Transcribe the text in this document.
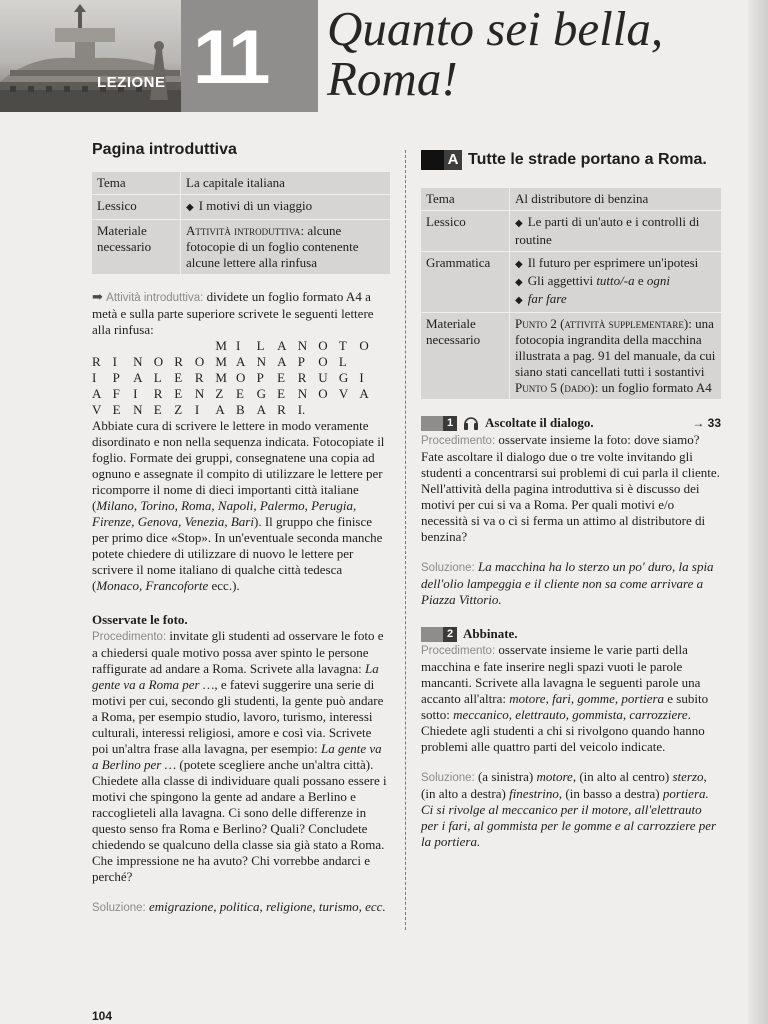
LEZIONE 11 Quanto sei bella,
Roma!
Pagina introduttiva
Tema	La capitale italiana
Lessico	◆I motivi di un viaggio
Materiale necessario	Attività introduttiva: alcune fotocopie di un foglio contenente alcune lettere alla rinfusa

➡ Attività introduttiva: dividete un foglio formato A4 a metà e sulla parte superiore scrivete le seguenti lettere alla rinfusa:

M I	L A N O T O
R I	N O R O M A N A P	O L
I	P	A L E R M O P	E R U G I
A F	I	R E N Z E G E N O V A
V E N E Z I	A B A R I.

Abbiate cura di scrivere le lettere in modo veramente disordinato e non nella sequenza indicata. Fotocopiate il foglio. Formate dei gruppi, consegnatene una copia ad ognuno e assegnate il compito di utilizzare le lettere per ricomporre il nome di dieci importanti città italiane (Milano, Torino, Roma, Napoli, Palermo, Perugia, Firenze, Genova, Venezia, Bari). Il gruppo che finisce per primo dice «Stop». In un'eventuale seconda manche potete chiedere di utilizzare di nuovo le lettere per scrivere il nome italiano di qualche città tedesca (Monaco, Francoforte ecc.).

Osservate le foto.

Procedimento: invitate gli studenti ad osservare le foto e a chiedersi quale motivo possa aver spinto le persone raffigurate ad andare a Roma. Scrivete alla lavagna: La gente va a Roma per …, e fatevi suggerire una serie di motivi per cui, secondo gli studenti, la gente può andare a Roma, per esempio studio, lavoro, turismo, interessi culturali, interessi religiosi, amore e così via. Scrivete poi un'altra frase alla lavagna, per esempio: La gente va a Berlino per … (potete scegliere anche un'altra città). Chiedete alla classe di individuare quali possano essere i motivi che spingono la gente ad andare a Berlino e raccoglieteli alla lavagna. Ci sono delle differenze in questo senso fra Roma e Berlino? Quali? Concludete chiedendo se qualcuno della classe sia già stato a Roma. Che impressione ne ha avuto? Chi vorrebbe andarci e perché?

Soluzione: emigrazione, politica, religione, turismo, ecc.

A Tutte le strade portano a Roma.
Tema	Al distributore di benzina
Lessico	◆Le parti di un'auto e i controlli di routine
Grammatica	
◆Il futuro per esprimere un'ipotesi
◆  Gli aggettivi tutto/-a e ogni
◆  far fare

Materiale necessario	Punto 2 (attività supplementare): una fotocopia ingrandita della macchina illustrata a pag. 91 del manuale, da cui siano stati cancellati tutti i sostantivi
Punto 5 (dado): un foglio formato A4
1	Ascoltate il dialogo.	→ 33

Procedimento: osservate insieme la foto: dove siamo? Fate ascoltare il dialogo due o tre volte invitando gli studenti a concentrarsi sui problemi di cui parla il cliente. Nell'attività della pagina introduttiva si è discusso dei motivi per cui si va a Roma. Per quali motivi e/o necessità si va o ci si ferma un attimo al distributore di benzina?

Soluzione: La macchina ha lo sterzo un po' duro, la spia dell'olio lampeggia e il cliente non sa come arrivare a Piazza Vittorio.

2 Abbinate.

Procedimento: osservate insieme le varie parti della macchina e fate inserire negli spazi vuoti le parole mancanti. Scrivete alla lavagna le seguenti parole una accanto all'altra: motore, fari, gomme, portiera e subito sotto: meccanico, elettrauto, gommista, carrozziere. Chiedete agli studenti a chi si rivolgono quando hanno problemi alle quattro parti del veicolo indicate.

Soluzione: (a sinistra) motore, (in alto al centro) sterzo, (in alto a destra) finestrino, (in basso a destra) portiera. Ci si rivolge al meccanico per il motore, all'elettrauto per i fari, al gommista per le gomme e al carrozziere per la portiera.

104
